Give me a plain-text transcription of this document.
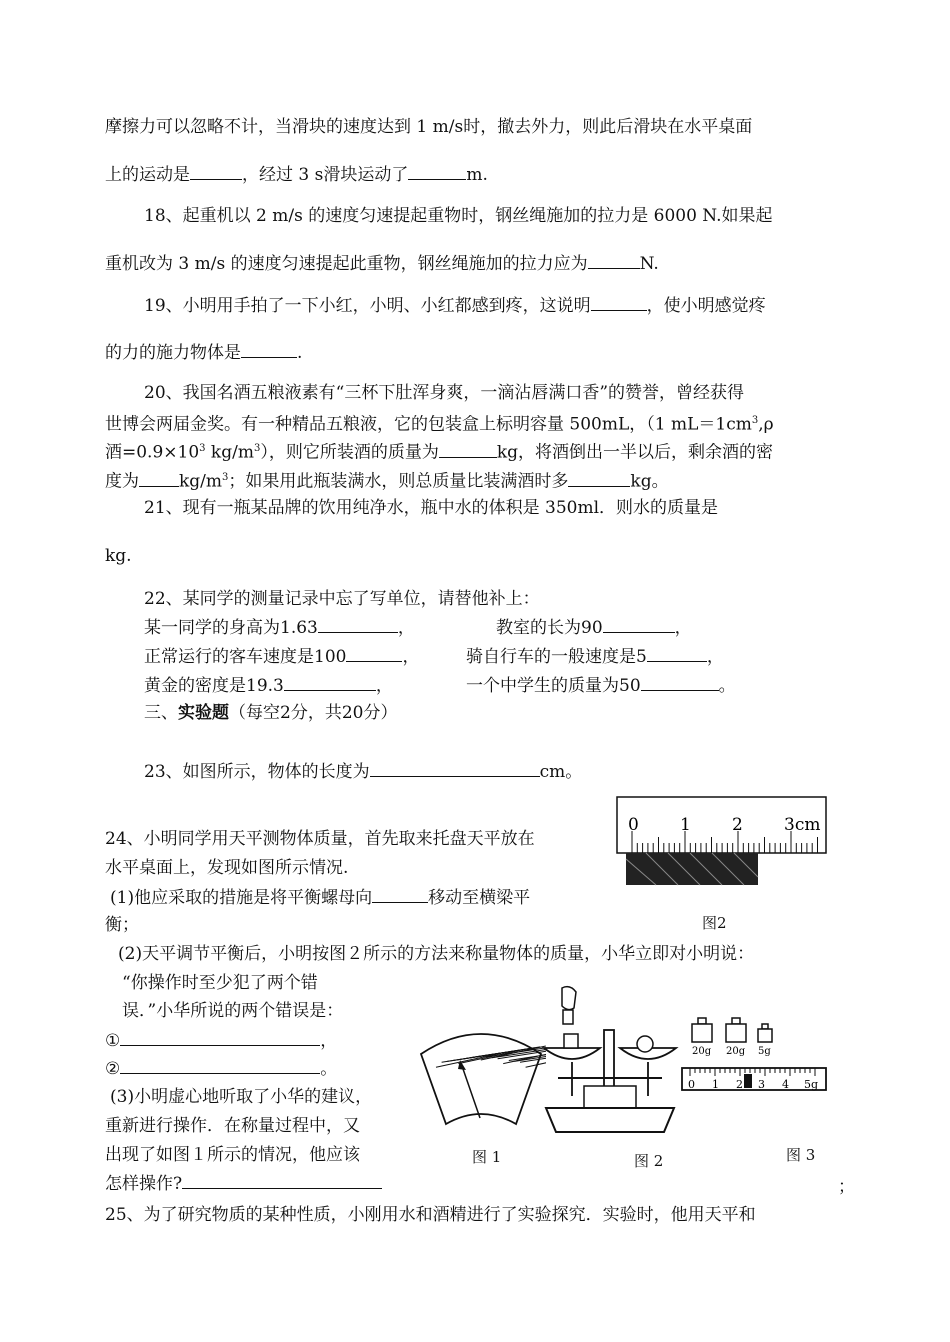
摩擦力可以忽略不计，当滑块的速度达到 1 m/s时，撤去外力，则此后滑块在水平桌面
上的运动是	，经过 3 s滑块运动了	m.
18、起重机以 2 m/s 的速度匀速提起重物时，钢丝绳施加的拉力是 6000 N.如果起
重机改为 3 m/s 的速度匀速提起此重物，钢丝绳施加的拉力应为	N.
19、小明用手拍了一下小红，小明、小红都感到疼，这说明	，使小明感觉疼
的力的施力物体是	.
20、我国名酒五粮液素有“三杯下肚浑身爽，一滴沾唇满口香”的赞誉，曾经获得
世博会两届金奖。有一种精品五粮液，它的包装盒上标明容量 500mL，（1 $mL=1cm^3,\rho$
酒$=0.9\times 10^3$ $kg/m^3$），则它所装酒的质量为	kg，将酒倒出一半以后，剩余酒的密
度为 $kg/m^3$；如果用此瓶装满水，则总质量比装满酒时多	kg。
21、现有一瓶某品牌的饮用纯净水，瓶中水的体积是 350ml．则水的质量是
kg.
22、某同学的测量记录中忘了写单位，请替他补上：
某一同学的身高为1.63	，	教室的长为90	，
正常运行的客车速度是100	，	骑自行车的一般速度是5	，
黄金的密度是19.3	，	一个中学生的质量为50	。
三、实验题（每空2分，共20分）
23、如图所示，物体的长度为	cm。
0 1 2 3cm
图2
24、小明同学用天平测物体质量，首先取来托盘天平放在
水平桌面上，发现如图所示情况.
(1)他应采取的措施是将平衡螺母向	移动至横梁平
衡；
(2)天平调节平衡后，小明按图２所示的方法来称量物体的质量，小华立即对小明说：
“你操作时至少犯了两个错
误．”小华所说的两个错误是：
①	，
②	。
(3)小明虚心地听取了小华的建议，
重新进行操作．在称量过程中，又
出现了如图１所示的情况，他应该
怎样操作?	；
图 1	图 2
20g 20g 5g
0 1 2 3 4 5g
图 3
25、为了研究物质的某种性质，小刚用水和酒精进行了实验探究．实验时，他用天平和
